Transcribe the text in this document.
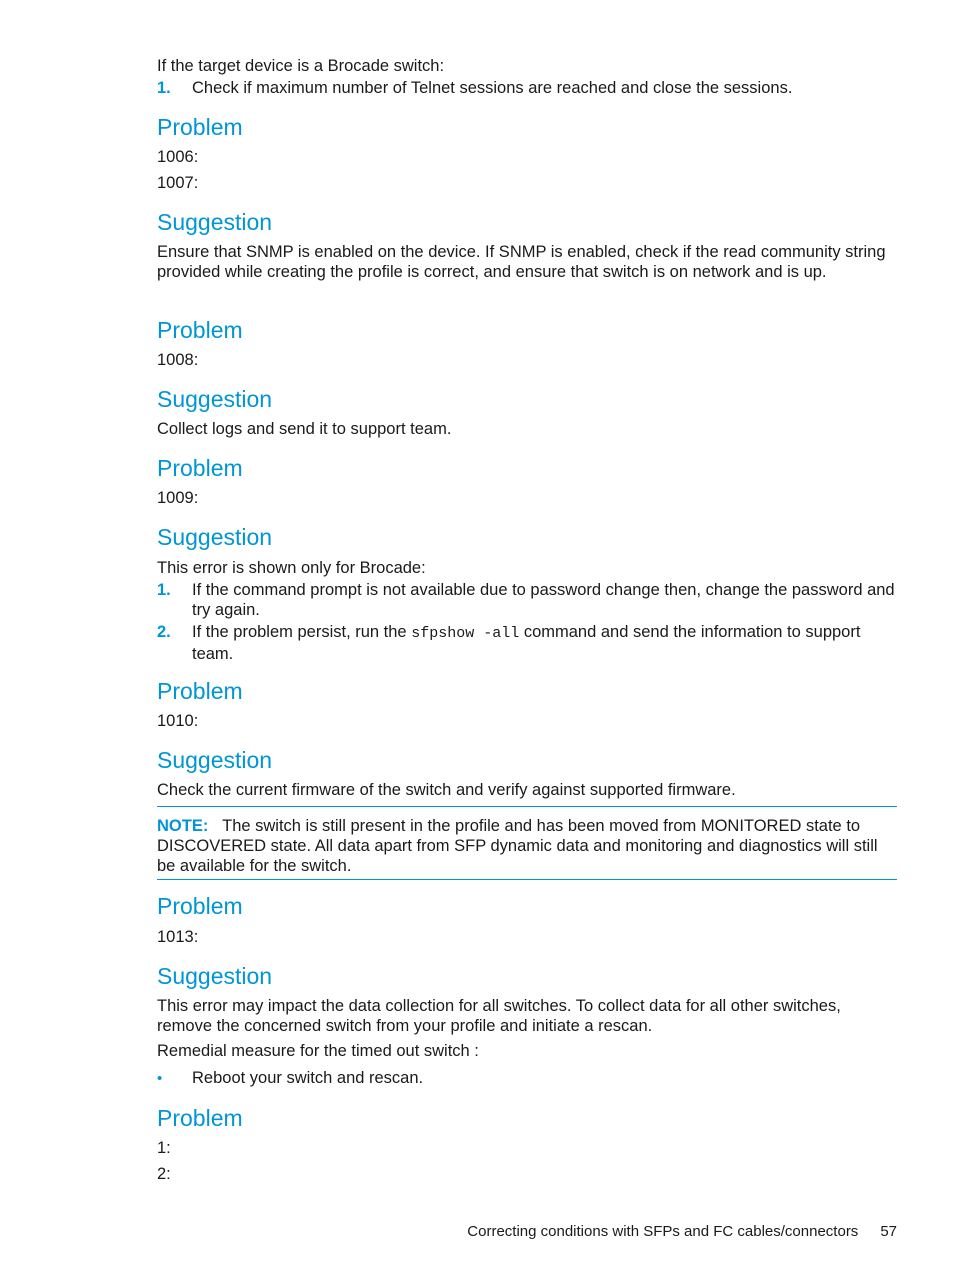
If the target device is a Brocade switch:

1. Check if maximum number of Telnet sessions are reached and close the sessions.
Problem

1006:

1007:

Suggestion

Ensure that SNMP is enabled on the device. If SNMP is enabled, check if the read community string provided while creating the profile is correct, and ensure that switch is on network and is up.

Problem

1008:

Suggestion

Collect logs and send it to support team.

Problem

1009:

Suggestion

This error is shown only for Brocade:

1. If the command prompt is not available due to password change then, change the password and try again.
2. If the problem persist, run the sfpshow -all command and send the information to support team.
Problem

1010:

Suggestion

Check the current firmware of the switch and verify against supported firmware.

NOTE: The switch is still present in the profile and has been moved from MONITORED state to DISCOVERED state. All data apart from SFP dynamic data and monitoring and diagnostics will still be available for the switch.

Problem

1013:

Suggestion

This error may impact the data collection for all switches. To collect data for all other switches, remove the concerned switch from your profile and initiate a rescan.

Remedial measure for the timed out switch :

• Reboot your switch and rescan.
Problem

1:

2:

Correcting conditions with SFPs and FC cables/connectors 57
